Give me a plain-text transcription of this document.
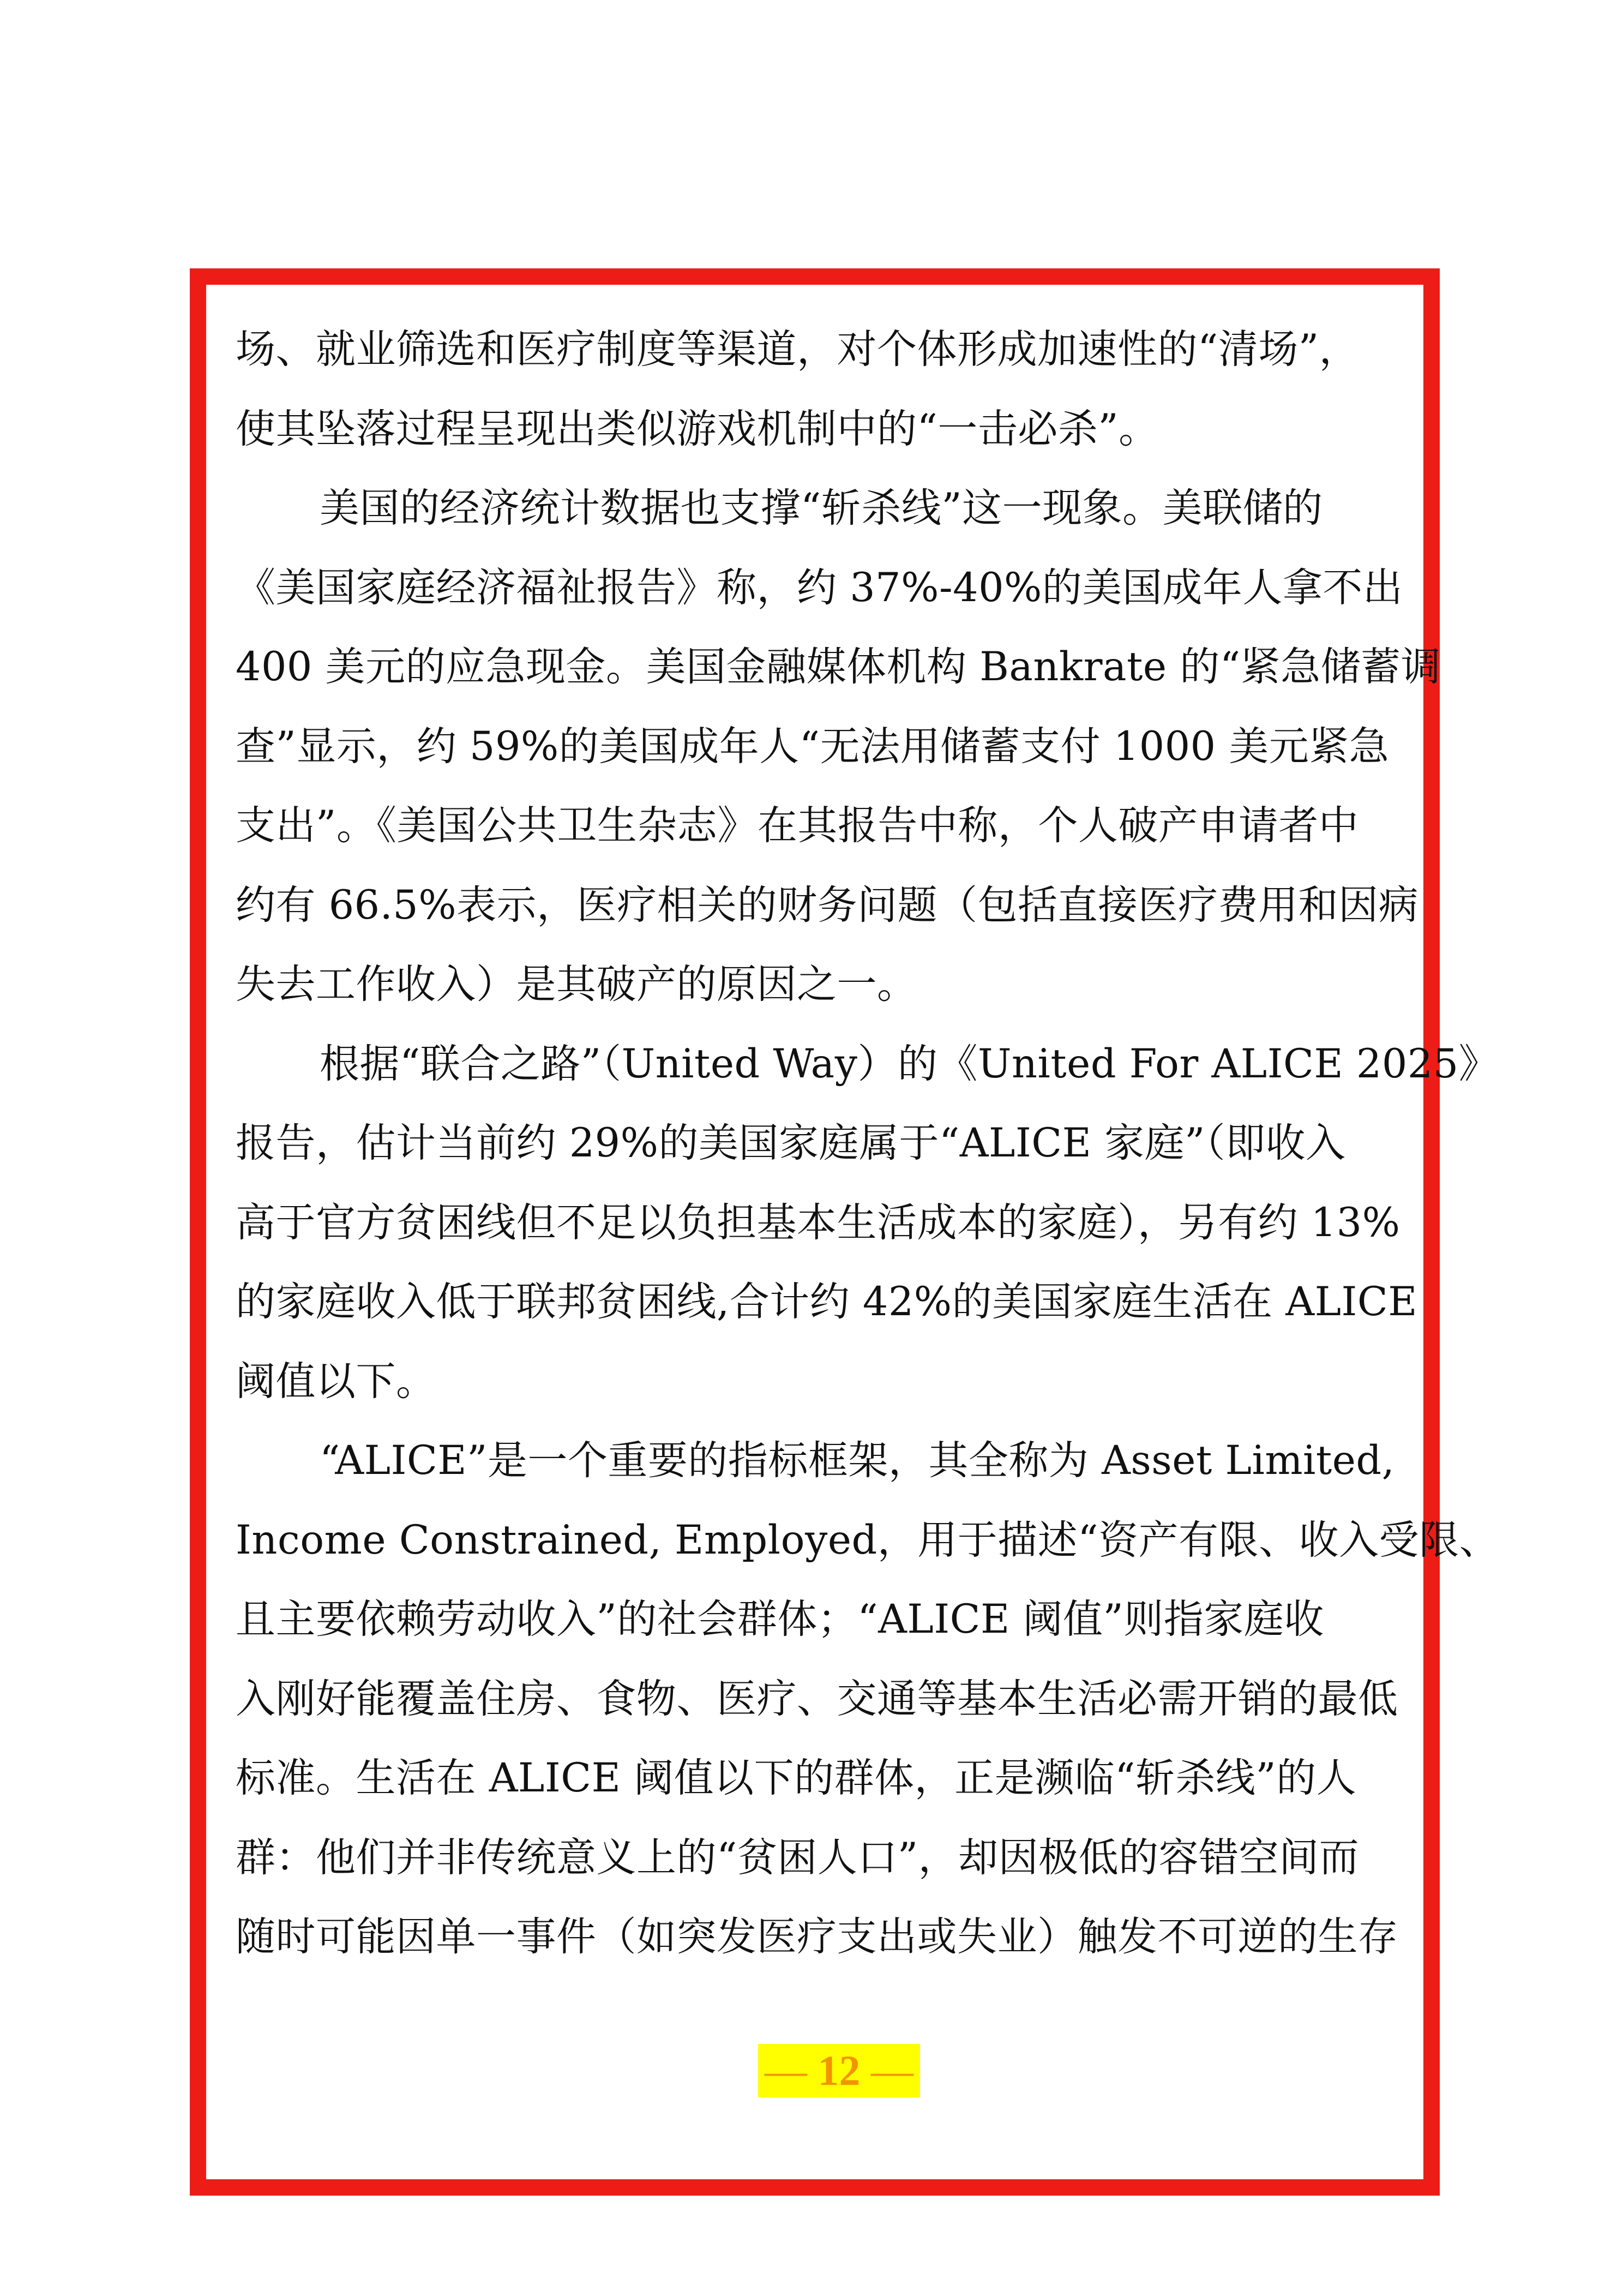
场、就业筛选和医疗制度等渠道，对个体形成加速性的“清场”，
使其坠落过程呈现出类似游戏机制中的“一击必杀”。
美国的经济统计数据也支撑“斩杀线”这一现象。美联储的
《美国家庭经济福祉报告》称，约 37%-40%的美国成年人拿不出
400 美元的应急现金。美国金融媒体机构 Bankrate 的“紧急储蓄调
查”显示，约 59%的美国成年人“无法用储蓄支付 1000 美元紧急
支出”。《美国公共卫生杂志》在其报告中称，个人破产申请者中
约有 66.5%表示，医疗相关的财务问题（包括直接医疗费用和因病
失去工作收入）是其破产的原因之一。
根据“联合之路”（United Way）的《United For ALICE 2025》
报告，估计当前约 29%的美国家庭属于“ALICE 家庭”（即收入
高于官方贫困线但不足以负担基本生活成本的家庭），另有约 13%
的家庭收入低于联邦贫困线,合计约 42%的美国家庭生活在 ALICE
阈值以下。
“ALICE”是一个重要的指标框架，其全称为 Asset Limited,
Income Constrained, Employed，用于描述“资产有限、收入受限、
且主要依赖劳动收入”的社会群体；“ALICE 阈值”则指家庭收
入刚好能覆盖住房、食物、医疗、交通等基本生活必需开销的最低
标准。生活在 ALICE 阈值以下的群体，正是濒临“斩杀线”的人
群：他们并非传统意义上的“贫困人口”，却因极低的容错空间而
随时可能因单一事件（如突发医疗支出或失业）触发不可逆的生存
— 12 —
